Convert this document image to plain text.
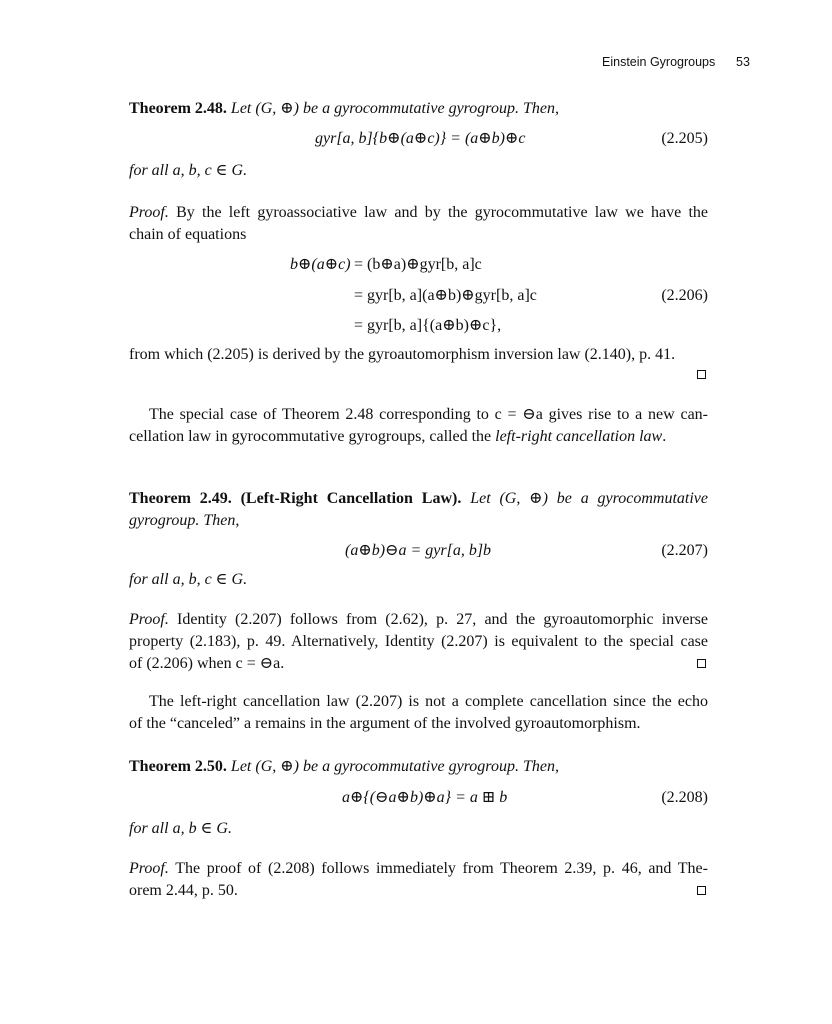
Einstein Gyrogroups 53
Theorem 2.48. Let (G, ⊕) be a gyrocommutative gyrogroup. Then,
gyr[a, b]{b⊕(a⊕c)} = (a⊕b)⊕c	(2.205)
for all a, b, c ∈ G.
Proof. By the left gyroassociative law and by the gyrocommutative law we have the
chain of equations
b⊕(a⊕c) = (b⊕a)⊕gyr[b, a]c
= gyr[b, a](a⊕b)⊕gyr[b, a]c	(2.206)
= gyr[b, a]{(a⊕b)⊕c},
from which (2.205) is derived by the gyroautomorphism inversion law (2.140), p. 41.
The special case of Theorem 2.48 corresponding to c = ⊖a gives rise to a new can-
cellation law in gyrocommutative gyrogroups, called the left-right cancellation law.
Theorem 2.49. (Left-Right Cancellation Law). Let (G, ⊕) be a gyrocommutative
gyrogroup. Then,
(a⊕b)⊖a = gyr[a, b]b	(2.207)
for all a, b, c ∈ G.
Proof. Identity (2.207) follows from (2.62), p. 27, and the gyroautomorphic inverse
property (2.183), p. 49. Alternatively, Identity (2.207) is equivalent to the special case
of (2.206) when c = ⊖a.
The left-right cancellation law (2.207) is not a complete cancellation since the echo
of the “canceled” a remains in the argument of the involved gyroautomorphism.
Theorem 2.50. Let (G, ⊕) be a gyrocommutative gyrogroup. Then,
a⊕{(⊖a⊕b)⊕a} = a ⊞ b	(2.208)
for all a, b ∈ G.
Proof. The proof of (2.208) follows immediately from Theorem 2.39, p. 46, and The-
orem 2.44, p. 50.
